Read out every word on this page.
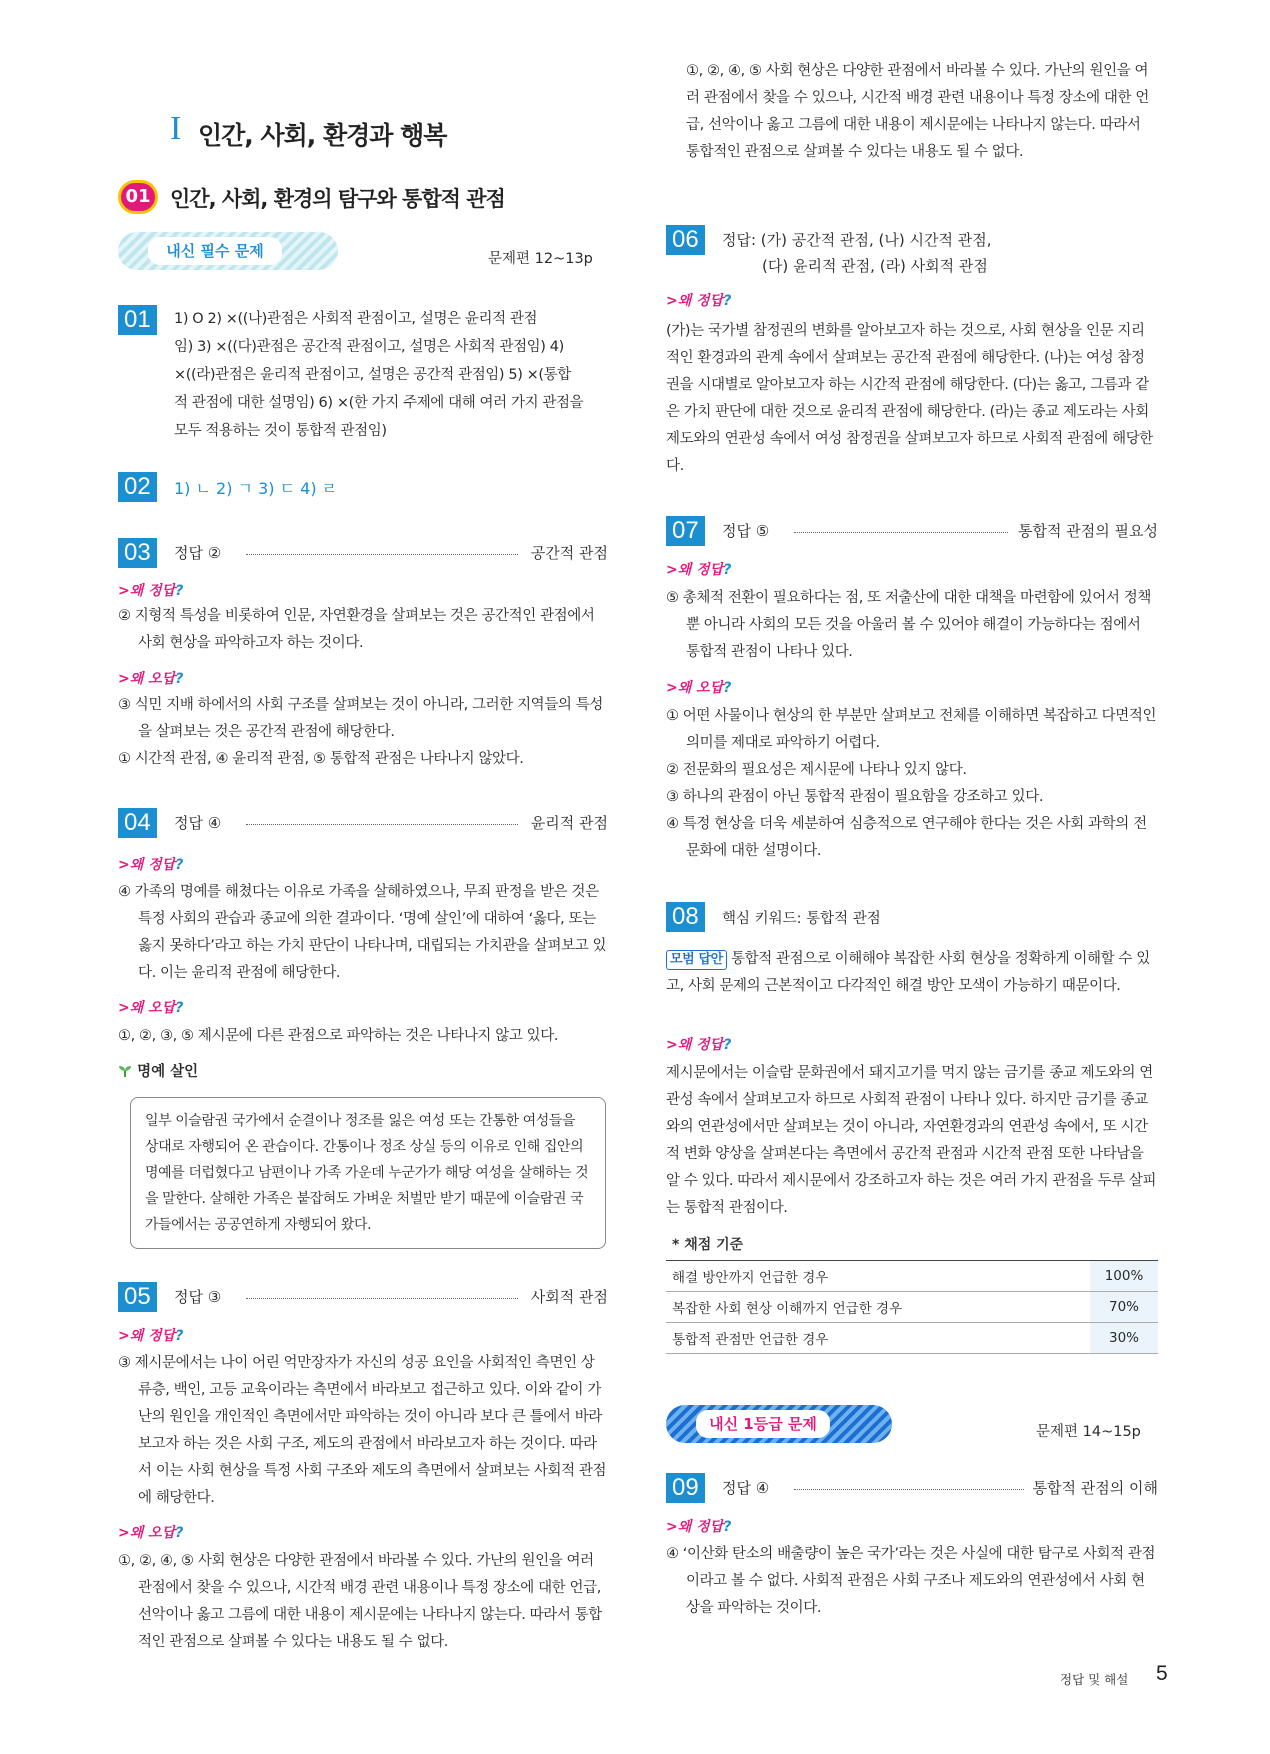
I 인간, 사회, 환경과 행복
01 인간, 사회, 환경의 탐구와 통합적 관점
내신 필수 문제	문제편 12~13p
01	1) O 2) ×((나)관점은 사회적 관점이고, 설명은 윤리적 관점
임) 3) ×((다)관점은 공간적 관점이고, 설명은 사회적 관점임) 4)
×((라)관점은 윤리적 관점이고, 설명은 공간적 관점임) 5) ×(통합
적 관점에 대한 설명임) 6) ×(한 가지 주제에 대해 여러 가지 관점을
모두 적용하는 것이 통합적 관점임)
02	1) ㄴ 2) ㄱ 3) ㄷ 4) ㄹ
03	정답 ②	공간적 관점
>왜 정답?
② 지형적 특성을 비롯하여 인문, 자연환경을 살펴보는 것은 공간적인 관점에서 사회 현상을 파악하고자 하는 것이다.
>왜 오답?
③ 식민 지배 하에서의 사회 구조를 살펴보는 것이 아니라, 그러한 지역들의 특성을 살펴보는 것은 공간적 관점에 해당한다.
① 시간적 관점, ④ 윤리적 관점, ⑤ 통합적 관점은 나타나지 않았다.
04	정답 ④	윤리적 관점
>왜 정답?
④ 가족의 명예를 해쳤다는 이유로 가족을 살해하였으나, 무죄 판정을 받은 것은 특정 사회의 관습과 종교에 의한 결과이다. ‘명예 살인’에 대하여 ‘옳다, 또는 옳지 못하다’라고 하는 가치 판단이 나타나며, 대립되는 가치관을 살펴보고 있다. 이는 윤리적 관점에 해당한다.
>왜 오답?
①, ②, ③, ⑤ 제시문에 다른 관점으로 파악하는 것은 나타나지 않고 있다.
명예 살인
일부 이슬람권 국가에서 순결이나 정조를 잃은 여성 또는 간통한 여성들을 상대로 자행되어 온 관습이다. 간통이나 정조 상실 등의 이유로 인해 집안의 명예를 더럽혔다고 남편이나 가족 가운데 누군가가 해당 여성을 살해하는 것을 말한다. 살해한 가족은 붙잡혀도 가벼운 처벌만 받기 때문에 이슬람권 국가들에서는 공공연하게 자행되어 왔다.
05	정답 ③	사회적 관점
>왜 정답?
③ 제시문에서는 나이 어린 억만장자가 자신의 성공 요인을 사회적인 측면인 상류층, 백인, 고등 교육이라는 측면에서 바라보고 접근하고 있다. 이와 같이 가난의 원인을 개인적인 측면에서만 파악하는 것이 아니라 보다 큰 틀에서 바라보고자 하는 것은 사회 구조, 제도의 관점에서 바라보고자 하는 것이다. 따라서 이는 사회 현상을 특정 사회 구조와 제도의 측면에서 살펴보는 사회적 관점에 해당한다.
>왜 오답?
①, ②, ④, ⑤ 사회 현상은 다양한 관점에서 바라볼 수 있다. 가난의 원인을 여러 관점에서 찾을 수 있으나, 시간적 배경 관련 내용이나 특정 장소에 대한 언급, 선악이나 옳고 그름에 대한 내용이 제시문에는 나타나지 않는다. 따라서 통합적인 관점으로 살펴볼 수 있다는 내용도 될 수 없다.
①, ②, ④, ⑤ 사회 현상은 다양한 관점에서 바라볼 수 있다. 가난의 원인을 여러 관점에서 찾을 수 있으나, 시간적 배경 관련 내용이나 특정 장소에 대한 언급, 선악이나 옳고 그름에 대한 내용이 제시문에는 나타나지 않는다. 따라서 통합적인 관점으로 살펴볼 수 있다는 내용도 될 수 없다.
06	정답: (가) 공간적 관점, (나) 시간적 관점,
(다) 윤리적 관점, (라) 사회적 관점
>왜 정답?
(가)는 국가별 참정권의 변화를 알아보고자 하는 것으로, 사회 현상을 인문 지리적인 환경과의 관계 속에서 살펴보는 공간적 관점에 해당한다. (나)는 여성 참정권을 시대별로 알아보고자 하는 시간적 관점에 해당한다. (다)는 옳고, 그름과 같은 가치 판단에 대한 것으로 윤리적 관점에 해당한다. (라)는 종교 제도라는 사회 제도와의 연관성 속에서 여성 참정권을 살펴보고자 하므로 사회적 관점에 해당한다.
07	정답 ⑤	통합적 관점의 필요성
>왜 정답?
⑤ 총체적 전환이 필요하다는 점, 또 저출산에 대한 대책을 마련함에 있어서 정책뿐 아니라 사회의 모든 것을 아울러 볼 수 있어야 해결이 가능하다는 점에서 통합적 관점이 나타나 있다.
>왜 오답?
① 어떤 사물이나 현상의 한 부분만 살펴보고 전체를 이해하면 복잡하고 다면적인 의미를 제대로 파악하기 어렵다.
② 전문화의 필요성은 제시문에 나타나 있지 않다.
③ 하나의 관점이 아닌 통합적 관점이 필요함을 강조하고 있다.
④ 특정 현상을 더욱 세분하여 심층적으로 연구해야 한다는 것은 사회 과학의 전문화에 대한 설명이다.
08	핵심 키워드: 통합적 관점
모범 답안 통합적 관점으로 이해해야 복잡한 사회 현상을 정확하게 이해할 수 있고, 사회 문제의 근본적이고 다각적인 해결 방안 모색이 가능하기 때문이다.
>왜 정답?
제시문에서는 이슬람 문화권에서 돼지고기를 먹지 않는 금기를 종교 제도와의 연관성 속에서 살펴보고자 하므로 사회적 관점이 나타나 있다. 하지만 금기를 종교와의 연관성에서만 살펴보는 것이 아니라, 자연환경과의 연관성 속에서, 또 시간적 변화 양상을 살펴본다는 측면에서 공간적 관점과 시간적 관점 또한 나타남을 알 수 있다. 따라서 제시문에서 강조하고자 하는 것은 여러 가지 관점을 두루 살피는 통합적 관점이다.
* 채점 기준
해결 방안까지 언급한 경우	100%
복잡한 사회 현상 이해까지 언급한 경우	70%
통합적 관점만 언급한 경우	30%
내신 1등급 문제	문제편 14~15p
09	정답 ④	통합적 관점의 이해
>왜 정답?
④ ‘이산화 탄소의 배출량이 높은 국가’라는 것은 사실에 대한 탐구로 사회적 관점이라고 볼 수 없다. 사회적 관점은 사회 구조나 제도와의 연관성에서 사회 현상을 파악하는 것이다.
정답 및 해설 5
